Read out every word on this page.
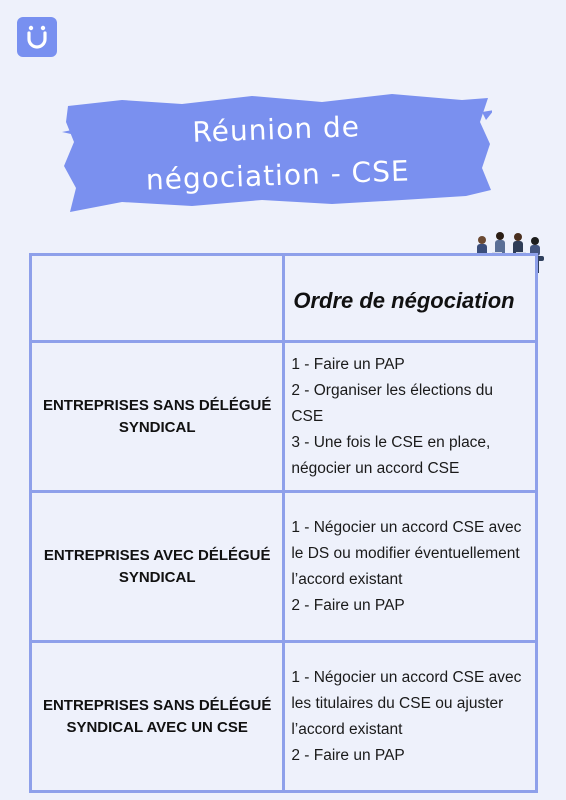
Réunion de
négociation - CSE

	Ordre de négociation

ENTREPRISES SANS DÉLÉGUÉ SYNDICAL	1 - Faire un PAP
2 - Organiser les élections du CSE
3 - Une fois le CSE en place, négocier un accord CSE

ENTREPRISES AVEC DÉLÉGUÉ SYNDICAL	1 - Négocier un accord CSE avec le DS ou modifier éventuellement l’accord existant
2 - Faire un PAP

ENTREPRISES SANS DÉLÉGUÉ SYNDICAL AVEC UN CSE	1 - Négocier un accord CSE avec les titulaires du CSE ou ajuster l’accord existant
2 - Faire un PAP
